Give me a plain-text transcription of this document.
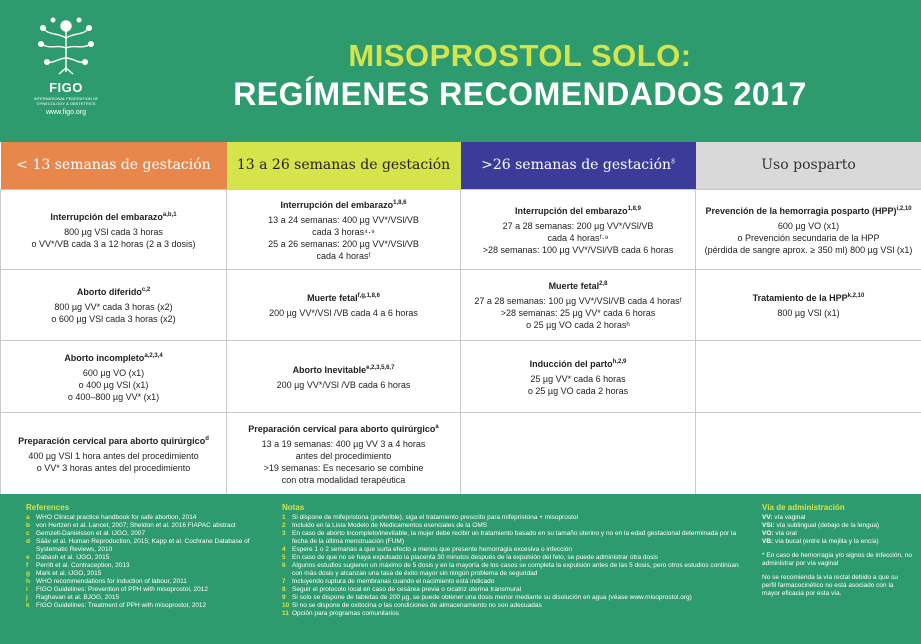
FIGO
INTERNATIONAL FEDERATION OF GYNECOLOGY & OBSTETRICS
www.figo.org
MISOPROSTOL SOLO:
REGÍMENES RECOMENDADOS 2017
< 13 semanas de gestación	13 a 26 semanas de gestación	>26 semanas de gestación$^8$	Uso posparto

Interrupción del embarazo$^{a,b,1}$
800 µg VSl cada 3 horas
o VV*/VB cada 3 a 12 horas (2 a 3 dosis)	Interrupción del embarazo$^{1,8,6}$
13 a 24 semanas: 400 µg VV*/VSl/VB
cada 3 horas⁴·⁹
25 a 26 semanas: 200 µg VV*/VSl/VB
cada 4 horasᶠ	Interrupción del embarazo$^{1,8,9}$
27 a 28 semanas: 200 µg VV*/VSl/VB
cada 4 horasᶠ·⁹
>28 semanas: 100 µg VV*/VSl/VB cada 6 horas	Prevención de la hemorragia posparto (HPP)$^{i,2,10}$
600 µg VO (x1)
o Prevención secundaria de la HPP
(pérdida de sangre aprox. ≥ 350 ml) 800 µg VSl (x1)

Aborto diferido$^{c,2}$
800 µg VV* cada 3 horas (x2)
o 600 µg VSl cada 3 horas (x2)	Muerte fetal$^{f,g,1,8,6}$
200 µg VV*/VSl /VB cada 4 a 6 horas	Muerte fetal$^{2,8}$
27 a 28 semanas: 100 µg VV*/VSl/VB cada 4 horasᶠ
>28 semanas: 25 µg VV* cada 6 horas
o 25 µg VO cada 2 horasʰ	Tratamiento de la HPP$^{k,2,10}$
800 µg VSl (x1)

Aborto incompleto$^{a,2,3,4}$
600 µg VO (x1)
o 400 µg VSl (x1)
o 400–800 µg VV* (x1)	Aborto Inevitable$^{e,2,3,5,6,7}$
200 µg VV*/VSl /VB cada 6 horas	Inducción del parto$^{h,2,9}$
25 µg VV* cada 6 horas
o 25 µg VO cada 2 horas	

Preparación cervical para aborto quirúrgico$^d$
400 µg VSl 1 hora antes del procedimiento
o VV* 3 horas antes del procedimiento	Preparación cervical para aborto quirúrgico$^a$
13 a 19 semanas: 400 µg VV 3 a 4 horas
antes del procedimiento
>19 semanas: Es necesario se combine
con otra modalidad terapéutica		

References
a WHO Clinical practice handbook for safe abortion, 2014
b von Hertzen et al. Lancet, 2007; Sheldon et al. 2016 FIAPAC abstract
c Gemzell-Danielsson et al. IJGO, 2007
d Sääv et al. Human Reproduction, 2015; Kapp et al. Cochrane Database of Systematic Reviews, 2010
e Dabash et al. IJGO, 2015
f	Perritt et al. Contraception, 2013
g Mark et al. IJGO, 2015
h WHO recommendations for induction of labour, 2011
i	FIGO Guidelines: Prevention of PPH with misoprostol, 2012
j	Raghavan et al. BJOG, 2015
k FIGO Guidelines: Treatment of PPH with misoprostol, 2012
Notas
1 Si dispone de mifepristona (preferible), siga el tratamiento prescrito para mifepristona + misoprostol
2 Incluido en la Lista Modelo de Medicamentos esenciales de la OMS
3 En caso de aborto incompleto/inevitable, la mujer debe recibir un tratamiento basado en su tamaño uterino y no en la edad gestacional determinada por la fecha de la última menstruación (FUM)
4 Espere 1 o 2 semanas a que surta efecto a menos que presente hemorragia excesiva o infección
5 En caso de que no se haya expulsado la placenta 30 minutos después de la expulsión del feto, se puede administrar otra dosis
6 Algunos estudios sugieren un máximo de 5 dosis y en la mayoría de los casos se completa la expulsión antes de las 5 dosis, pero otros estudios continúan con más dosis y alcanzan una tasa de éxito mayor sin ningún problema de seguridad
7 Incluyendo ruptura de membranas cuando el nacimiento está indicado
8 Seguir el protocolo local en caso de cesárea previa o cicatriz uterina transmural
9 Si solo se dispone de tabletas de 200 µg, se puede obtener una dosis menor mediante su disolución en agua (véase www.misoprostol.org)
10 Si no se dispone de oxitocina o las condiciones de almacenamiento no son adecuadas
11 Opción para programas comunitarios
Vía de administración
VV: vía vaginal
VSl: vía sublingual (debajo de la lengua)
VO: vía oral
VB: vía bucal (entre la mejilla y la encía)
* En caso de hemorragia y/o signos de infección, no administrar por vía vaginal
No se recomienda la vía rectal debido a que su perfil farmacocinético no está asociado con la mayor eficacia por esta vía.
